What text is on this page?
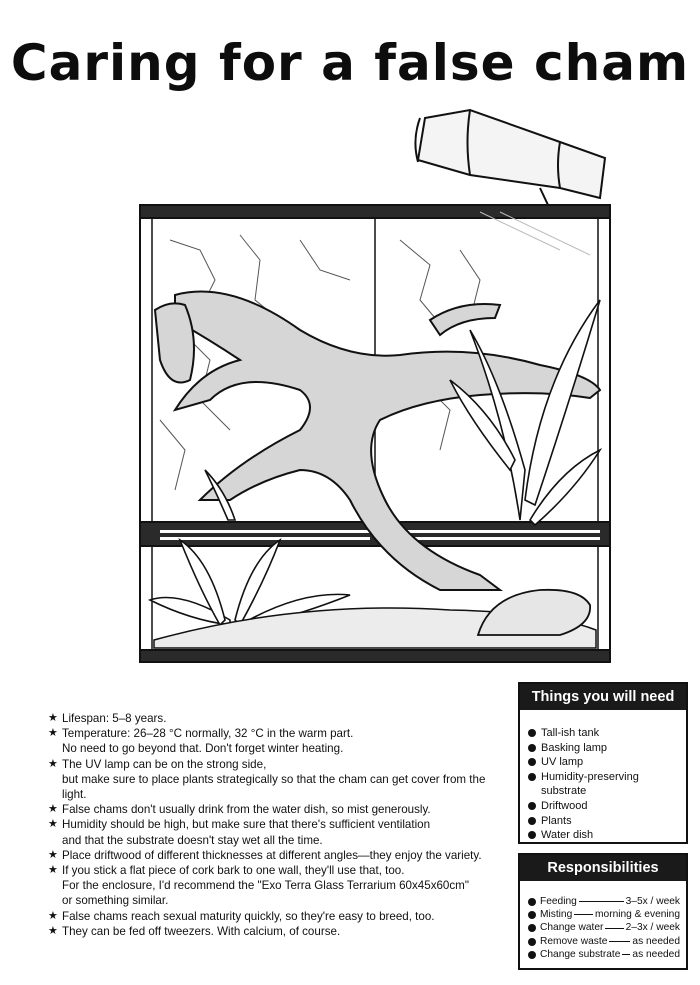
Caring for a false cham
★ Lifespan: 5–8 years.
★ Temperature: 26–28 °C normally, 32 °C in the warm part.
No need to go beyond that. Don't forget winter heating.
★ The UV lamp can be on the strong side,
but make sure to place plants strategically so that the cham can get cover from the
light.
★ False chams don't usually drink from the water dish, so mist generously.
★ Humidity should be high, but make sure that there's sufficient ventilation
and that the substrate doesn't stay wet all the time.
★ Place driftwood of different thicknesses at different angles—they enjoy the variety.
★ If you stick a flat piece of cork bark to one wall, they'll use that, too.
For the enclosure, I'd recommend the "Exo Terra Glass Terrarium 60x45x60cm"
or something similar.
★ False chams reach sexual maturity quickly, so they're easy to breed, too.
★ They can be fed off tweezers. With calcium, of course.
Things you will need
Tall-ish tank
Basking lamp
UV lamp
Humidity-preserving substrate
Driftwood
Plants
Water dish
Responsibilities
Feeding	3–5x / week
Misting morning & evening
Change water 2–3x / week
Remove waste as needed
Change substrate as needed
